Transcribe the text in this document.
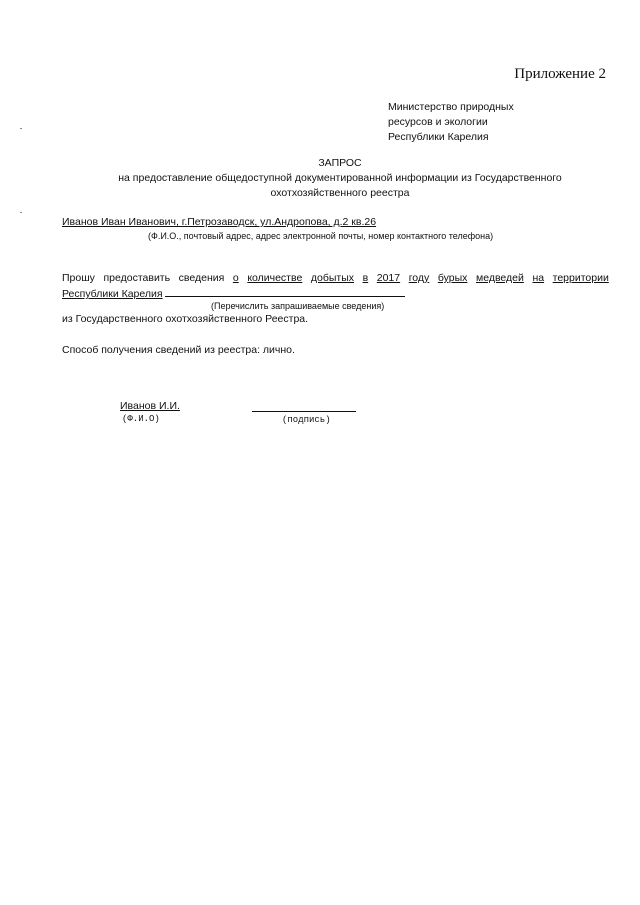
Приложение 2
Министерство природных
ресурсов и экологии
Республики Карелия
ЗАПРОС
на предоставление общедоступной документированной информации из Государственного
охотхозяйственного реестра
Иванов Иван Иванович, г.Петрозаводск, ул.Андропова, д.2 кв.26
(Ф.И.О., почтовый адрес, адрес электронной почты, номер контактного телефона)
Прошу предоставить сведения о количестве добытых в 2017 году бурых медведей на территории
Республики Карелия
(Перечислить запрашиваемые сведения)
из Государственного охотхозяйственного Реестра.
Способ получения сведений из реестра: лично.
Иванов И.И.
(Ф.И.О)	(подпись)
